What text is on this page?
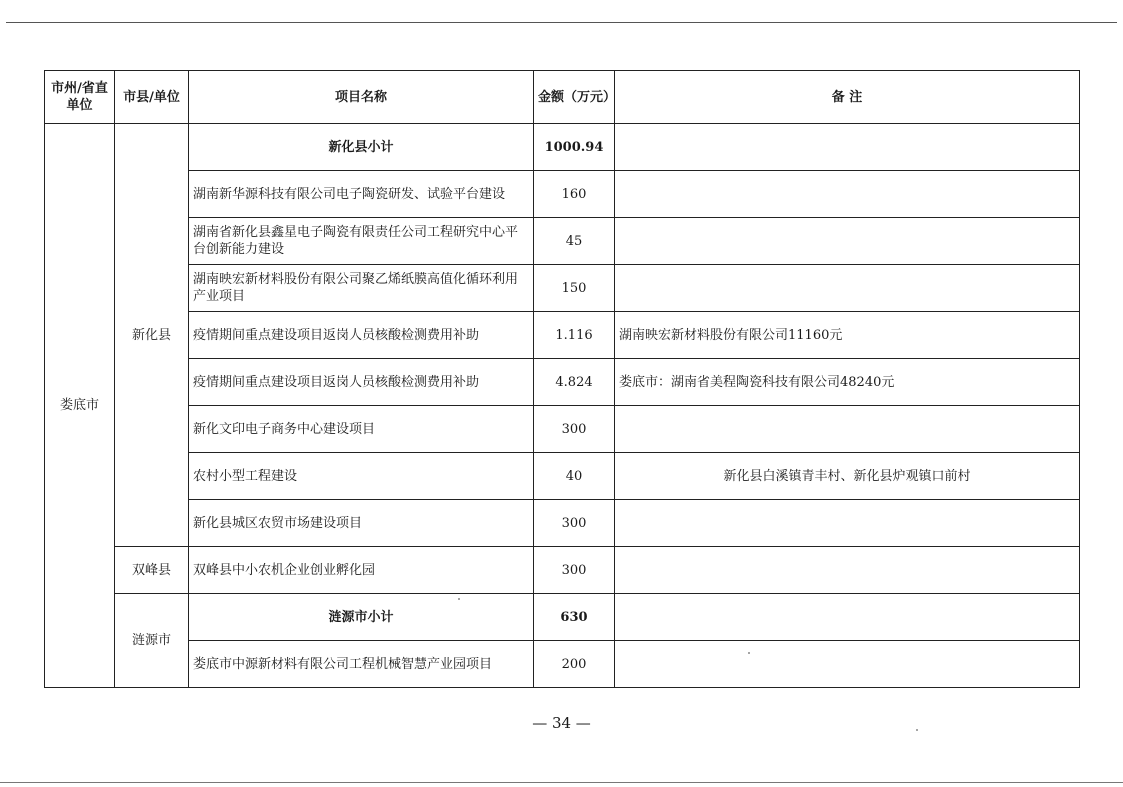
市州/省直单位	市县/单位	项目名称	金额（万元）	备 注
娄底市	新化县	新化县小计	1000.94	
		湖南新华源科技有限公司电子陶瓷研发、试验平台建设	160	
		湖南省新化县鑫星电子陶瓷有限责任公司工程研究中心平台创新能力建设	45	
		湖南映宏新材料股份有限公司聚乙烯纸膜高值化循环利用产业项目	150	
		疫情期间重点建设项目返岗人员核酸检测费用补助	1.116	湖南映宏新材料股份有限公司11160元
		疫情期间重点建设项目返岗人员核酸检测费用补助	4.824	娄底市：湖南省美程陶瓷科技有限公司48240元
		新化文印电子商务中心建设项目	300	
		农村小型工程建设	40	新化县白溪镇青丰村、新化县炉观镇口前村
		新化县城区农贸市场建设项目	300	
	双峰县	双峰县中小农机企业创业孵化园	300	
	涟源市	涟源市小计	630	
		娄底市中源新材料有限公司工程机械智慧产业园项目	200	
— 34 —
